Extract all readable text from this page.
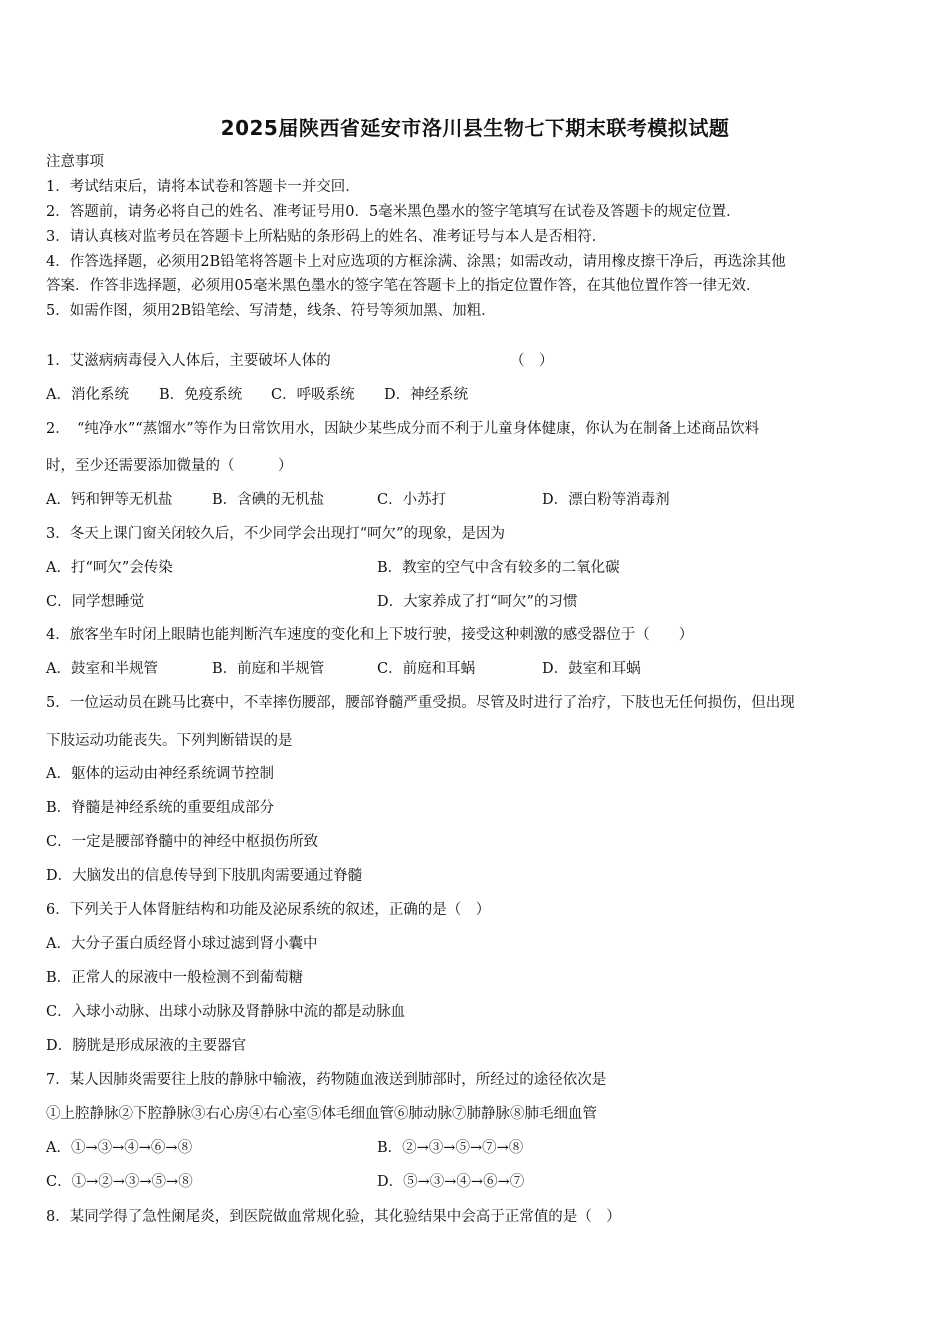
2025届陕西省延安市洛川县生物七下期末联考模拟试题
注意事项
1．考试结束后，请将本试卷和答题卡一并交回．
2．答题前，请务必将自己的姓名、准考证号用0．5毫米黑色墨水的签字笔填写在试卷及答题卡的规定位置．
3．请认真核对监考员在答题卡上所粘贴的条形码上的姓名、准考证号与本人是否相符．
4．作答选择题，必须用2B铅笔将答题卡上对应选项的方框涂满、涂黑；如需改动，请用橡皮擦干净后，再选涂其他
答案．作答非选择题，必须用05毫米黑色墨水的签字笔在答题卡上的指定位置作答，在其他位置作答一律无效．
5．如需作图，须用2B铅笔绘、写清楚，线条、符号等须加黑、加粗．
1．艾滋病病毒侵入人体后，主要破坏人体的	（　）
A．消化系统 B．免疫系统 C．呼吸系统 D．神经系统
2．　“纯净水”“蒸馏水”等作为日常饮用水，因缺少某些成分而不利于儿童身体健康，你认为在制备上述商品饮料
时，至少还需要添加微量的（　　　）
A．钙和钾等无机盐	B．含碘的无机盐	C．小苏打	D．漂白粉等消毒剂
3．冬天上课门窗关闭较久后，不少同学会出现打“呵欠”的现象，是因为
A．打“呵欠”会传染	B．教室的空气中含有较多的二氧化碳
C．同学想睡觉	D．大家养成了打“呵欠”的习惯
4．旅客坐车时闭上眼睛也能判断汽车速度的变化和上下坡行驶，接受这种刺激的感受器位于（　　）
A．鼓室和半规管	B．前庭和半规管	C．前庭和耳蜗	D．鼓室和耳蜗
5．一位运动员在跳马比赛中，不幸摔伤腰部，腰部脊髓严重受损。尽管及时进行了治疗，下肢也无任何损伤，但出现
下肢运动功能丧失。下列判断错误的是
A．躯体的运动由神经系统调节控制
B．脊髓是神经系统的重要组成部分
C．一定是腰部脊髓中的神经中枢损伤所致
D．大脑发出的信息传导到下肢肌肉需要通过脊髓
6．下列关于人体肾脏结构和功能及泌尿系统的叙述，正确的是（　）
A．大分子蛋白质经肾小球过滤到肾小囊中
B．正常人的尿液中一般检测不到葡萄糖
C．入球小动脉、出球小动脉及肾静脉中流的都是动脉血
D．膀胱是形成尿液的主要器官
7．某人因肺炎需要往上肢的静脉中输液，药物随血液送到肺部时，所经过的途径依次是
①上腔静脉②下腔静脉③右心房④右心室⑤体毛细血管⑥肺动脉⑦肺静脉⑧肺毛细血管
A．①→③→④→⑥→⑧	B．②→③→⑤→⑦→⑧
C．①→②→③→⑤→⑧	D．⑤→③→④→⑥→⑦
8．某同学得了急性阑尾炎，到医院做血常规化验，其化验结果中会高于正常值的是（　）
